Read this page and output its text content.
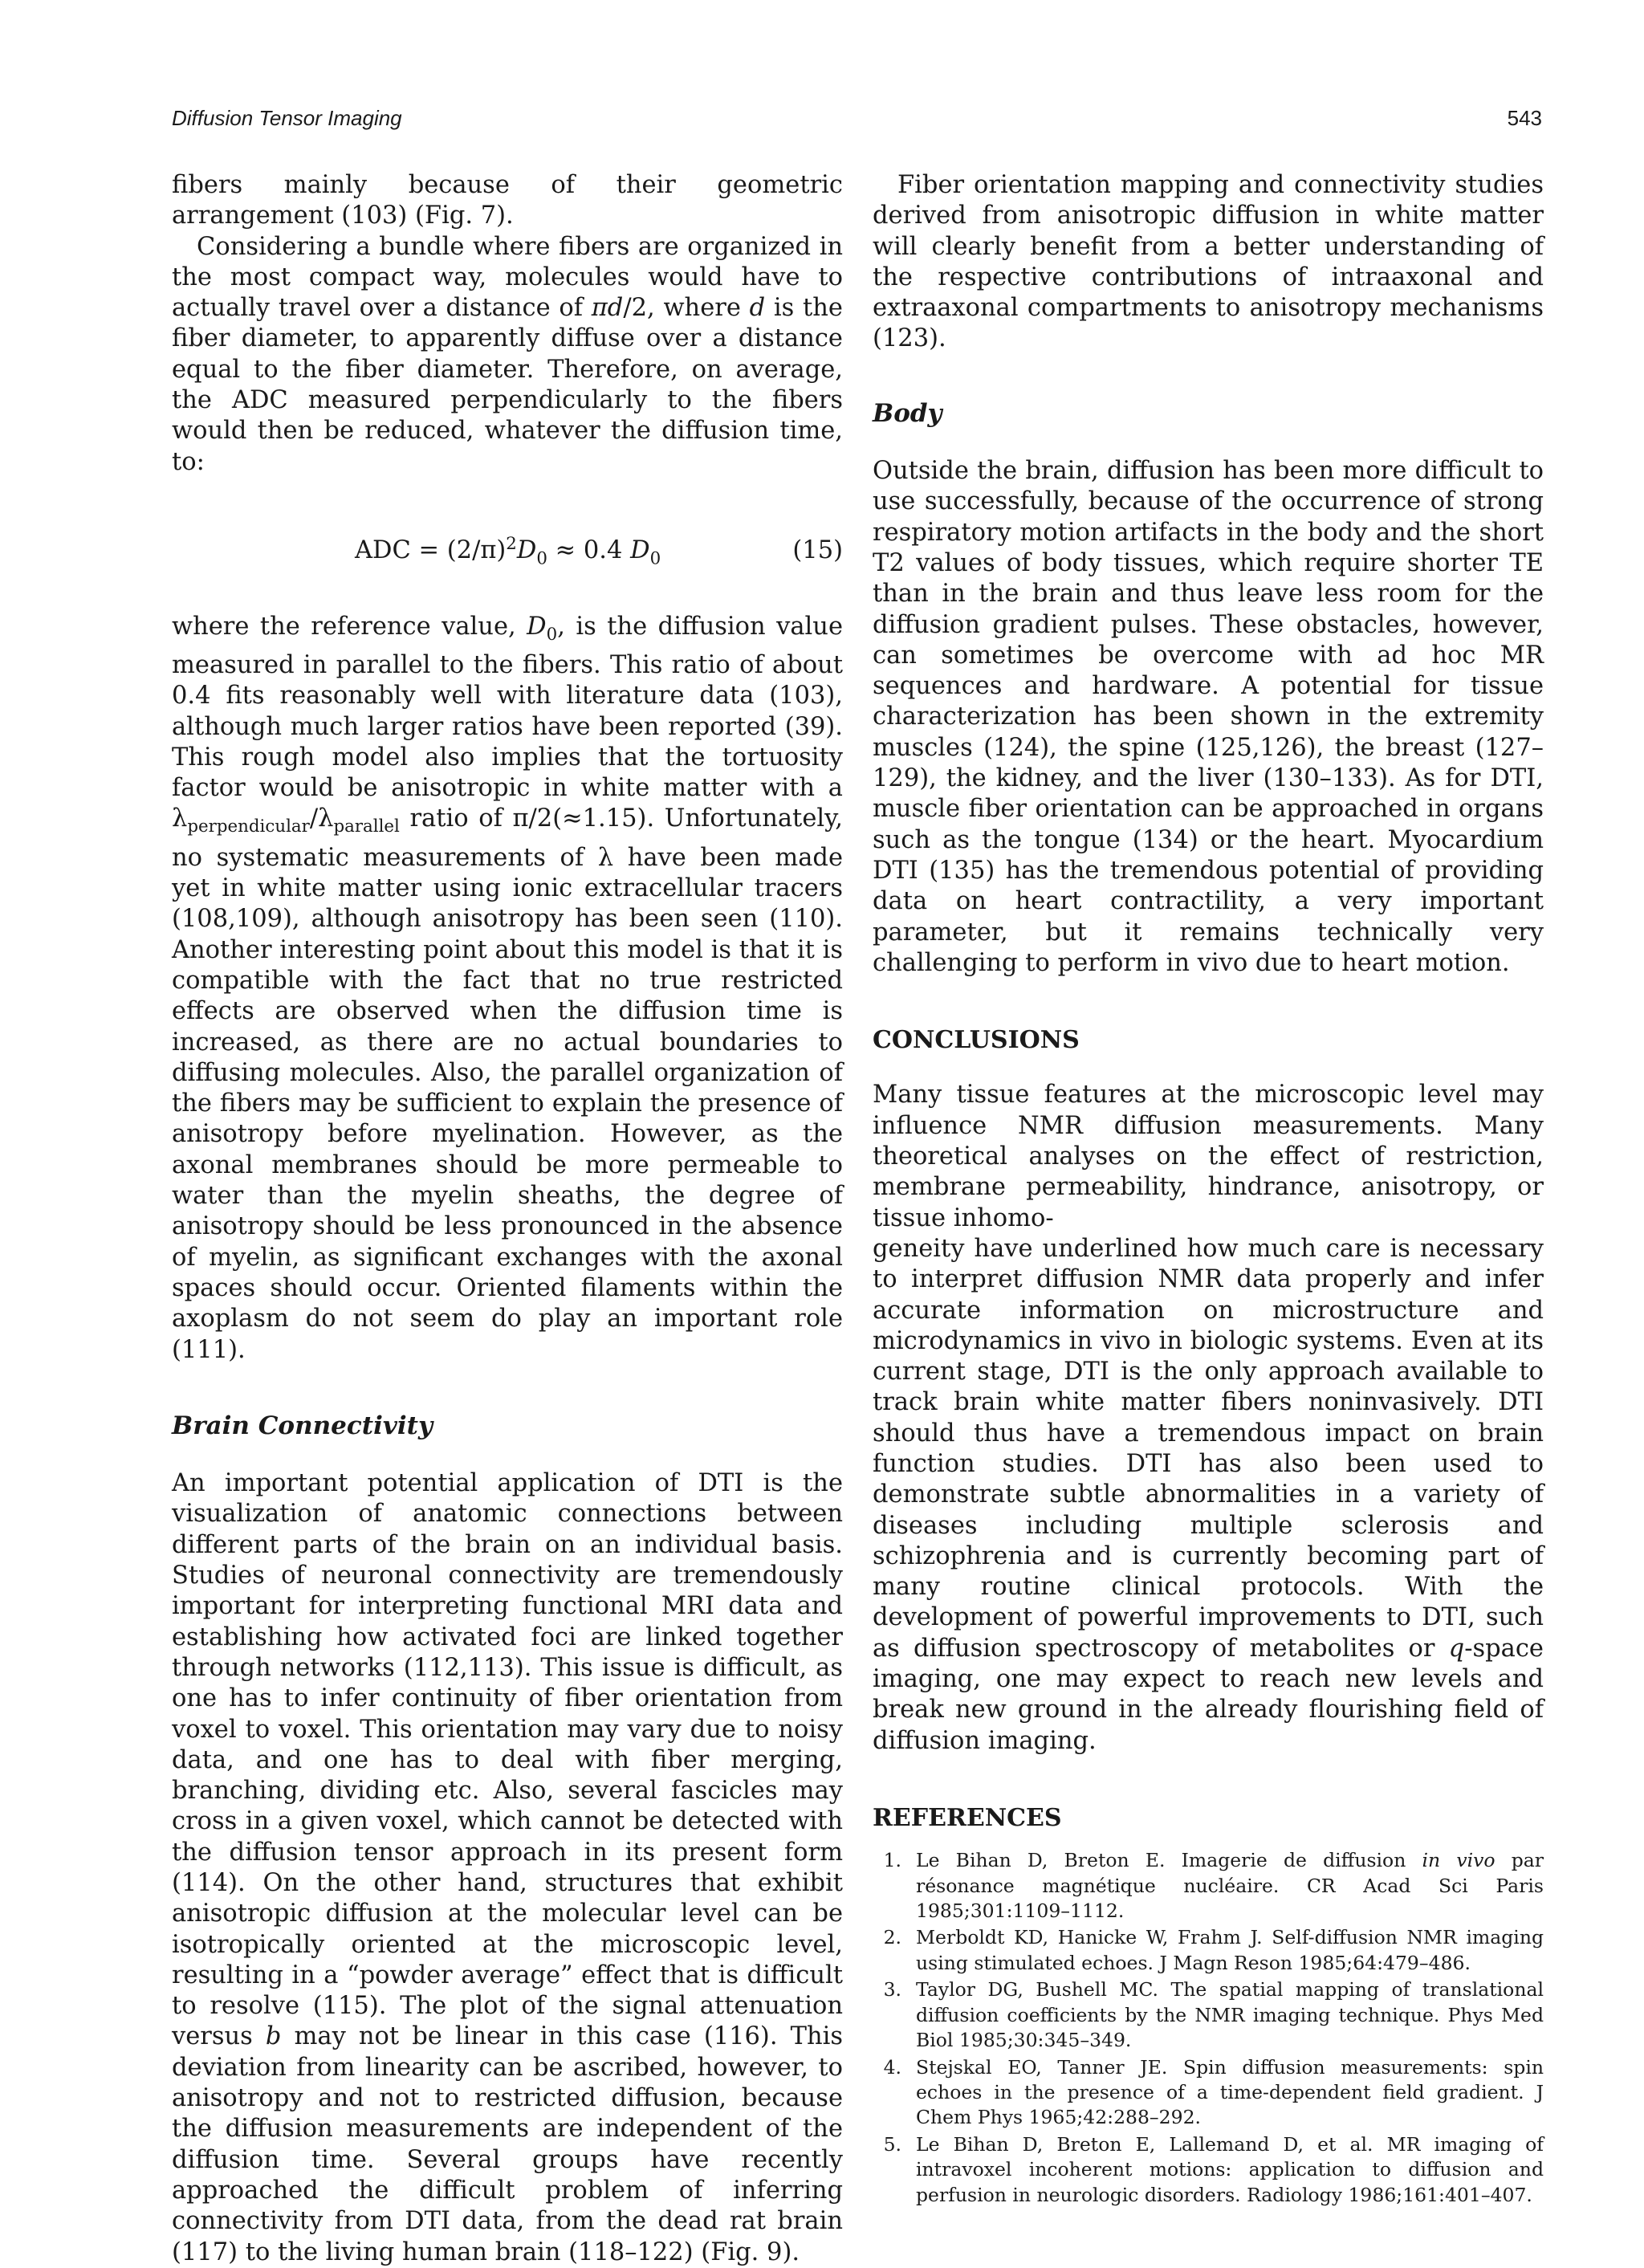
Diffusion Tensor Imaging	543

fibers mainly because of their geometric arrangement (103) (Fig. 7).

Considering a bundle where fibers are organized in the most compact way, molecules would have to actually travel over a distance of πd/2, where d is the fiber diameter, to apparently diffuse over a distance equal to the fiber diameter. Therefore, on average, the ADC measured perpendicularly to the fibers would then be reduced, whatever the diffusion time, to:

ADC = $(2/\pi)^2D_0 \approx 0.4$ $D_0$	(15)

where the reference value, $D_0$, is the diffusion value measured in parallel to the fibers. This ratio of about 0.4 fits reasonably well with literature data (103), although much larger ratios have been reported (39). This rough model also implies that the tortuosity factor would be anisotropic in white matter with a $\lambda_{perpendicular}/\lambda_{parallel}$ ratio of π/2(≈1.15). Unfortunately, no systematic measurements of λ have been made yet in white matter using ionic extracellular tracers (108,109), although anisotropy has been seen (110). Another interesting point about this model is that it is compatible with the fact that no true restricted effects are observed when the diffusion time is increased, as there are no actual boundaries to diffusing molecules. Also, the parallel organization of the fibers may be sufficient to explain the presence of anisotropy before myelination. However, as the axonal membranes should be more permeable to water than the myelin sheaths, the degree of anisotropy should be less pronounced in the absence of myelin, as significant exchanges with the axonal spaces should occur. Oriented filaments within the axoplasm do not seem do play an important role (111).

Brain Connectivity

An important potential application of DTI is the visualization of anatomic connections between different parts of the brain on an individual basis. Studies of neuronal connectivity are tremendously important for interpreting functional MRI data and establishing how activated foci are linked together through networks (112,113). This issue is difficult, as one has to infer continuity of fiber orientation from voxel to voxel. This orientation may vary due to noisy data, and one has to deal with fiber merging, branching, dividing etc. Also, several fascicles may cross in a given voxel, which cannot be detected with the diffusion tensor approach in its present form (114). On the other hand, structures that exhibit anisotropic diffusion at the molecular level can be isotropically oriented at the microscopic level, resulting in a “powder average” effect that is difficult to resolve (115). The plot of the signal attenuation versus b may not be linear in this case (116). This deviation from linearity can be ascribed, however, to anisotropy and not to restricted diffusion, because the diffusion measurements are independent of the diffusion time. Several groups have recently approached the difficult problem of inferring connectivity from DTI data, from the dead rat brain (117) to the living human brain (118–122) (Fig. 9).

Fiber orientation mapping and connectivity studies derived from anisotropic diffusion in white matter will clearly benefit from a better understanding of the respective contributions of intraaxonal and extraaxonal compartments to anisotropy mechanisms (123).

Body

Outside the brain, diffusion has been more difficult to use successfully, because of the occurrence of strong respiratory motion artifacts in the body and the short T2 values of body tissues, which require shorter TE than in the brain and thus leave less room for the diffusion gradient pulses. These obstacles, however, can sometimes be overcome with ad hoc MR sequences and hardware. A potential for tissue characterization has been shown in the extremity muscles (124), the spine (125,126), the breast (127–129), the kidney, and the liver (130–133). As for DTI, muscle fiber orientation can be approached in organs such as the tongue (134) or the heart. Myocardium DTI (135) has the tremendous potential of providing data on heart contractility, a very important parameter, but it remains technically very challenging to perform in vivo due to heart motion.

CONCLUSIONS

Many tissue features at the microscopic level may influence NMR diffusion measurements. Many theoretical analyses on the effect of restriction, membrane permeability, hindrance, anisotropy, or tissue inhomo-

geneity have underlined how much care is necessary to interpret diffusion NMR data properly and infer accurate information on microstructure and microdynamics in vivo in biologic systems. Even at its current stage, DTI is the only approach available to track brain white matter fibers noninvasively. DTI should thus have a tremendous impact on brain function studies. DTI has also been used to demonstrate subtle abnormalities in a variety of diseases including multiple sclerosis and schizophrenia and is currently becoming part of many routine clinical protocols. With the development of powerful improvements to DTI, such as diffusion spectroscopy of metabolites or q-space imaging, one may expect to reach new levels and break new ground in the already flourishing field of diffusion imaging.

REFERENCES
1. Le Bihan D, Breton E. Imagerie de diffusion in vivo par résonance magnétique nucléaire. CR Acad Sci Paris 1985;301:1109–1112.
2. Merboldt KD, Hanicke W, Frahm J. Self-diffusion NMR imaging using stimulated echoes. J Magn Reson 1985;64:479–486.
3. Taylor DG, Bushell MC. The spatial mapping of translational diffusion coefficients by the NMR imaging technique. Phys Med Biol 1985;30:345–349.
4. Stejskal EO, Tanner JE. Spin diffusion measurements: spin echoes in the presence of a time-dependent field gradient. J Chem Phys 1965;42:288–292.
5. Le Bihan D, Breton E, Lallemand D, et al. MR imaging of intravoxel incoherent motions: application to diffusion and perfusion in neurologic disorders. Radiology 1986;161:401–407.
